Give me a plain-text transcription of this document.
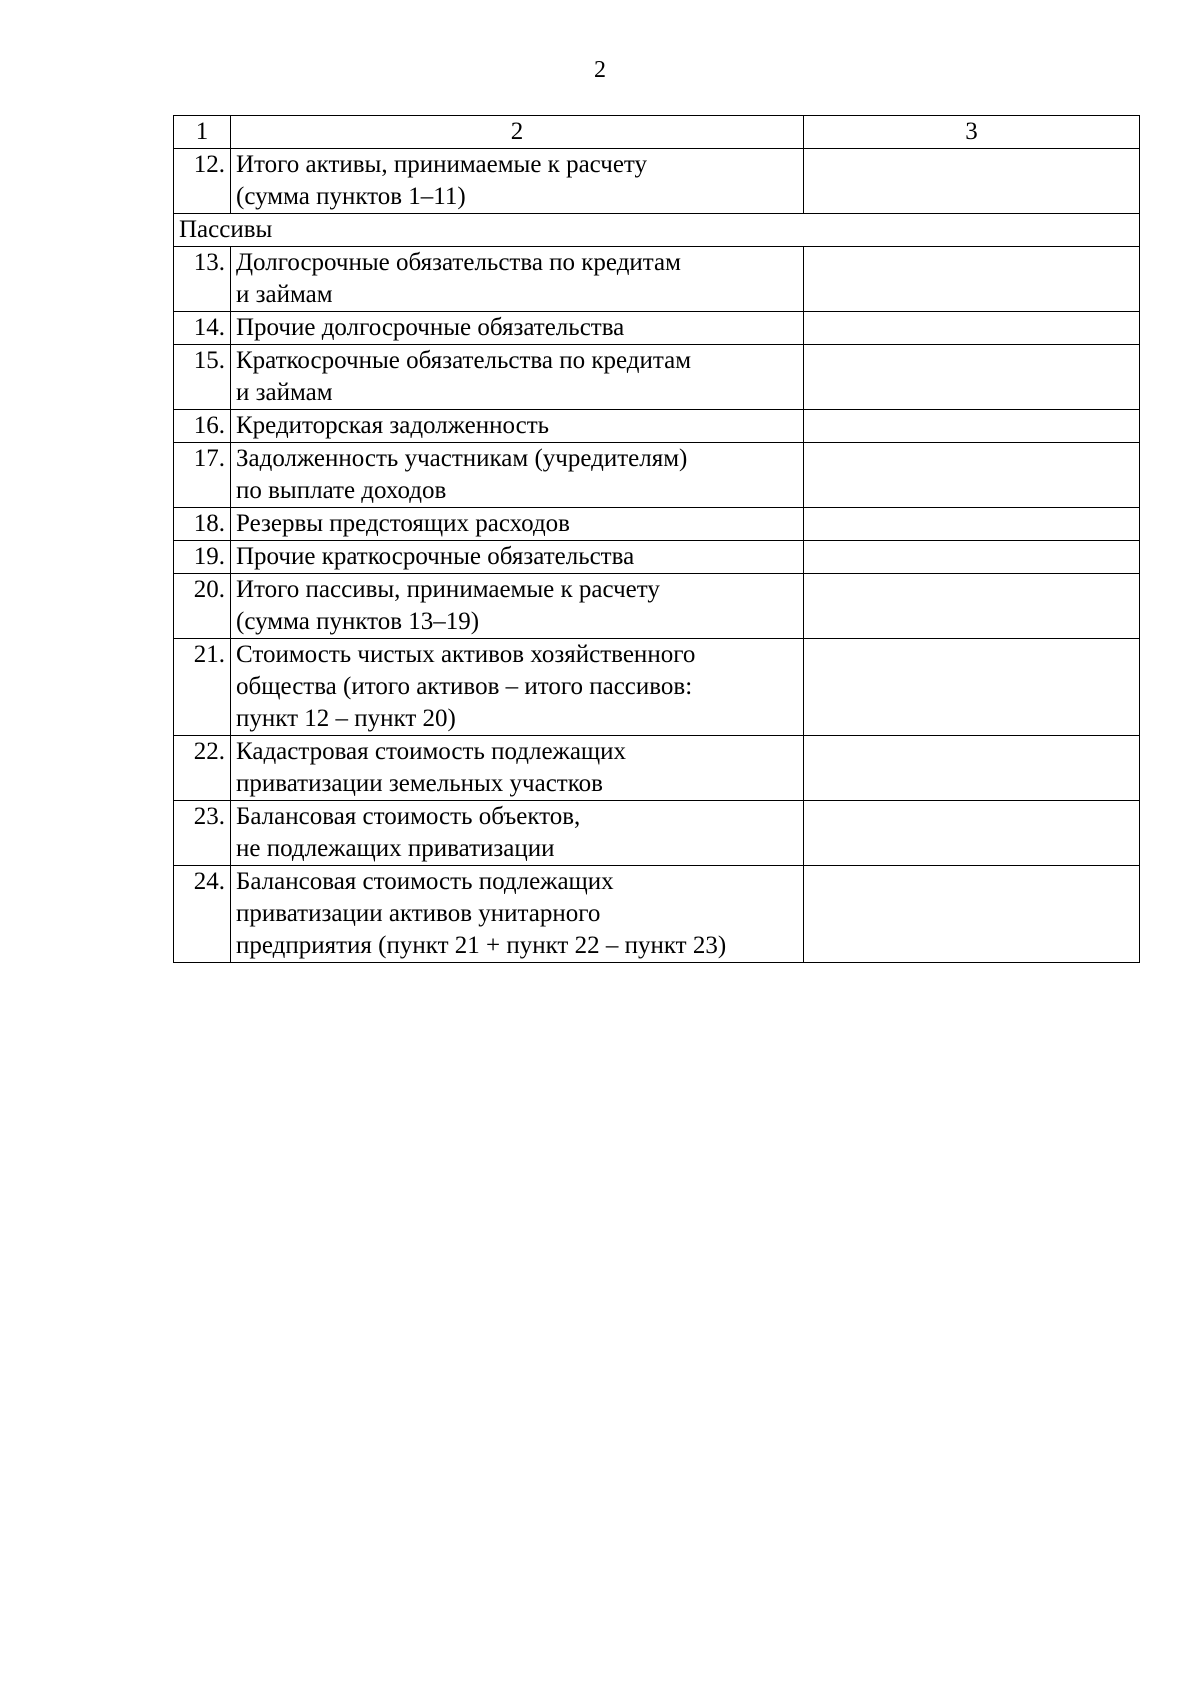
2
1	2	3
12.	Итого активы, принимаемые к расчету
(сумма пунктов 1–11)	
Пассивы		
13.	Долгосрочные обязательства по кредитам
и займам	
14.	Прочие долгосрочные обязательства	
15.	Краткосрочные обязательства по кредитам
и займам	
16.	Кредиторская задолженность	
17.	Задолженность участникам (учредителям)
по выплате доходов	
18.	Резервы предстоящих расходов	
19.	Прочие краткосрочные обязательства	
20.	Итого пассивы, принимаемые к расчету
(сумма пунктов 13–19)	
21.	Стоимость чистых активов хозяйственного
общества (итого активов – итого пассивов:
пункт 12 – пункт 20)	
22.	Кадастровая стоимость подлежащих
приватизации земельных участков	
23.	Балансовая стоимость объектов,
не подлежащих приватизации	
24.	Балансовая стоимость подлежащих
приватизации активов унитарного
предприятия (пункт 21 + пункт 22 – пункт 23)	
